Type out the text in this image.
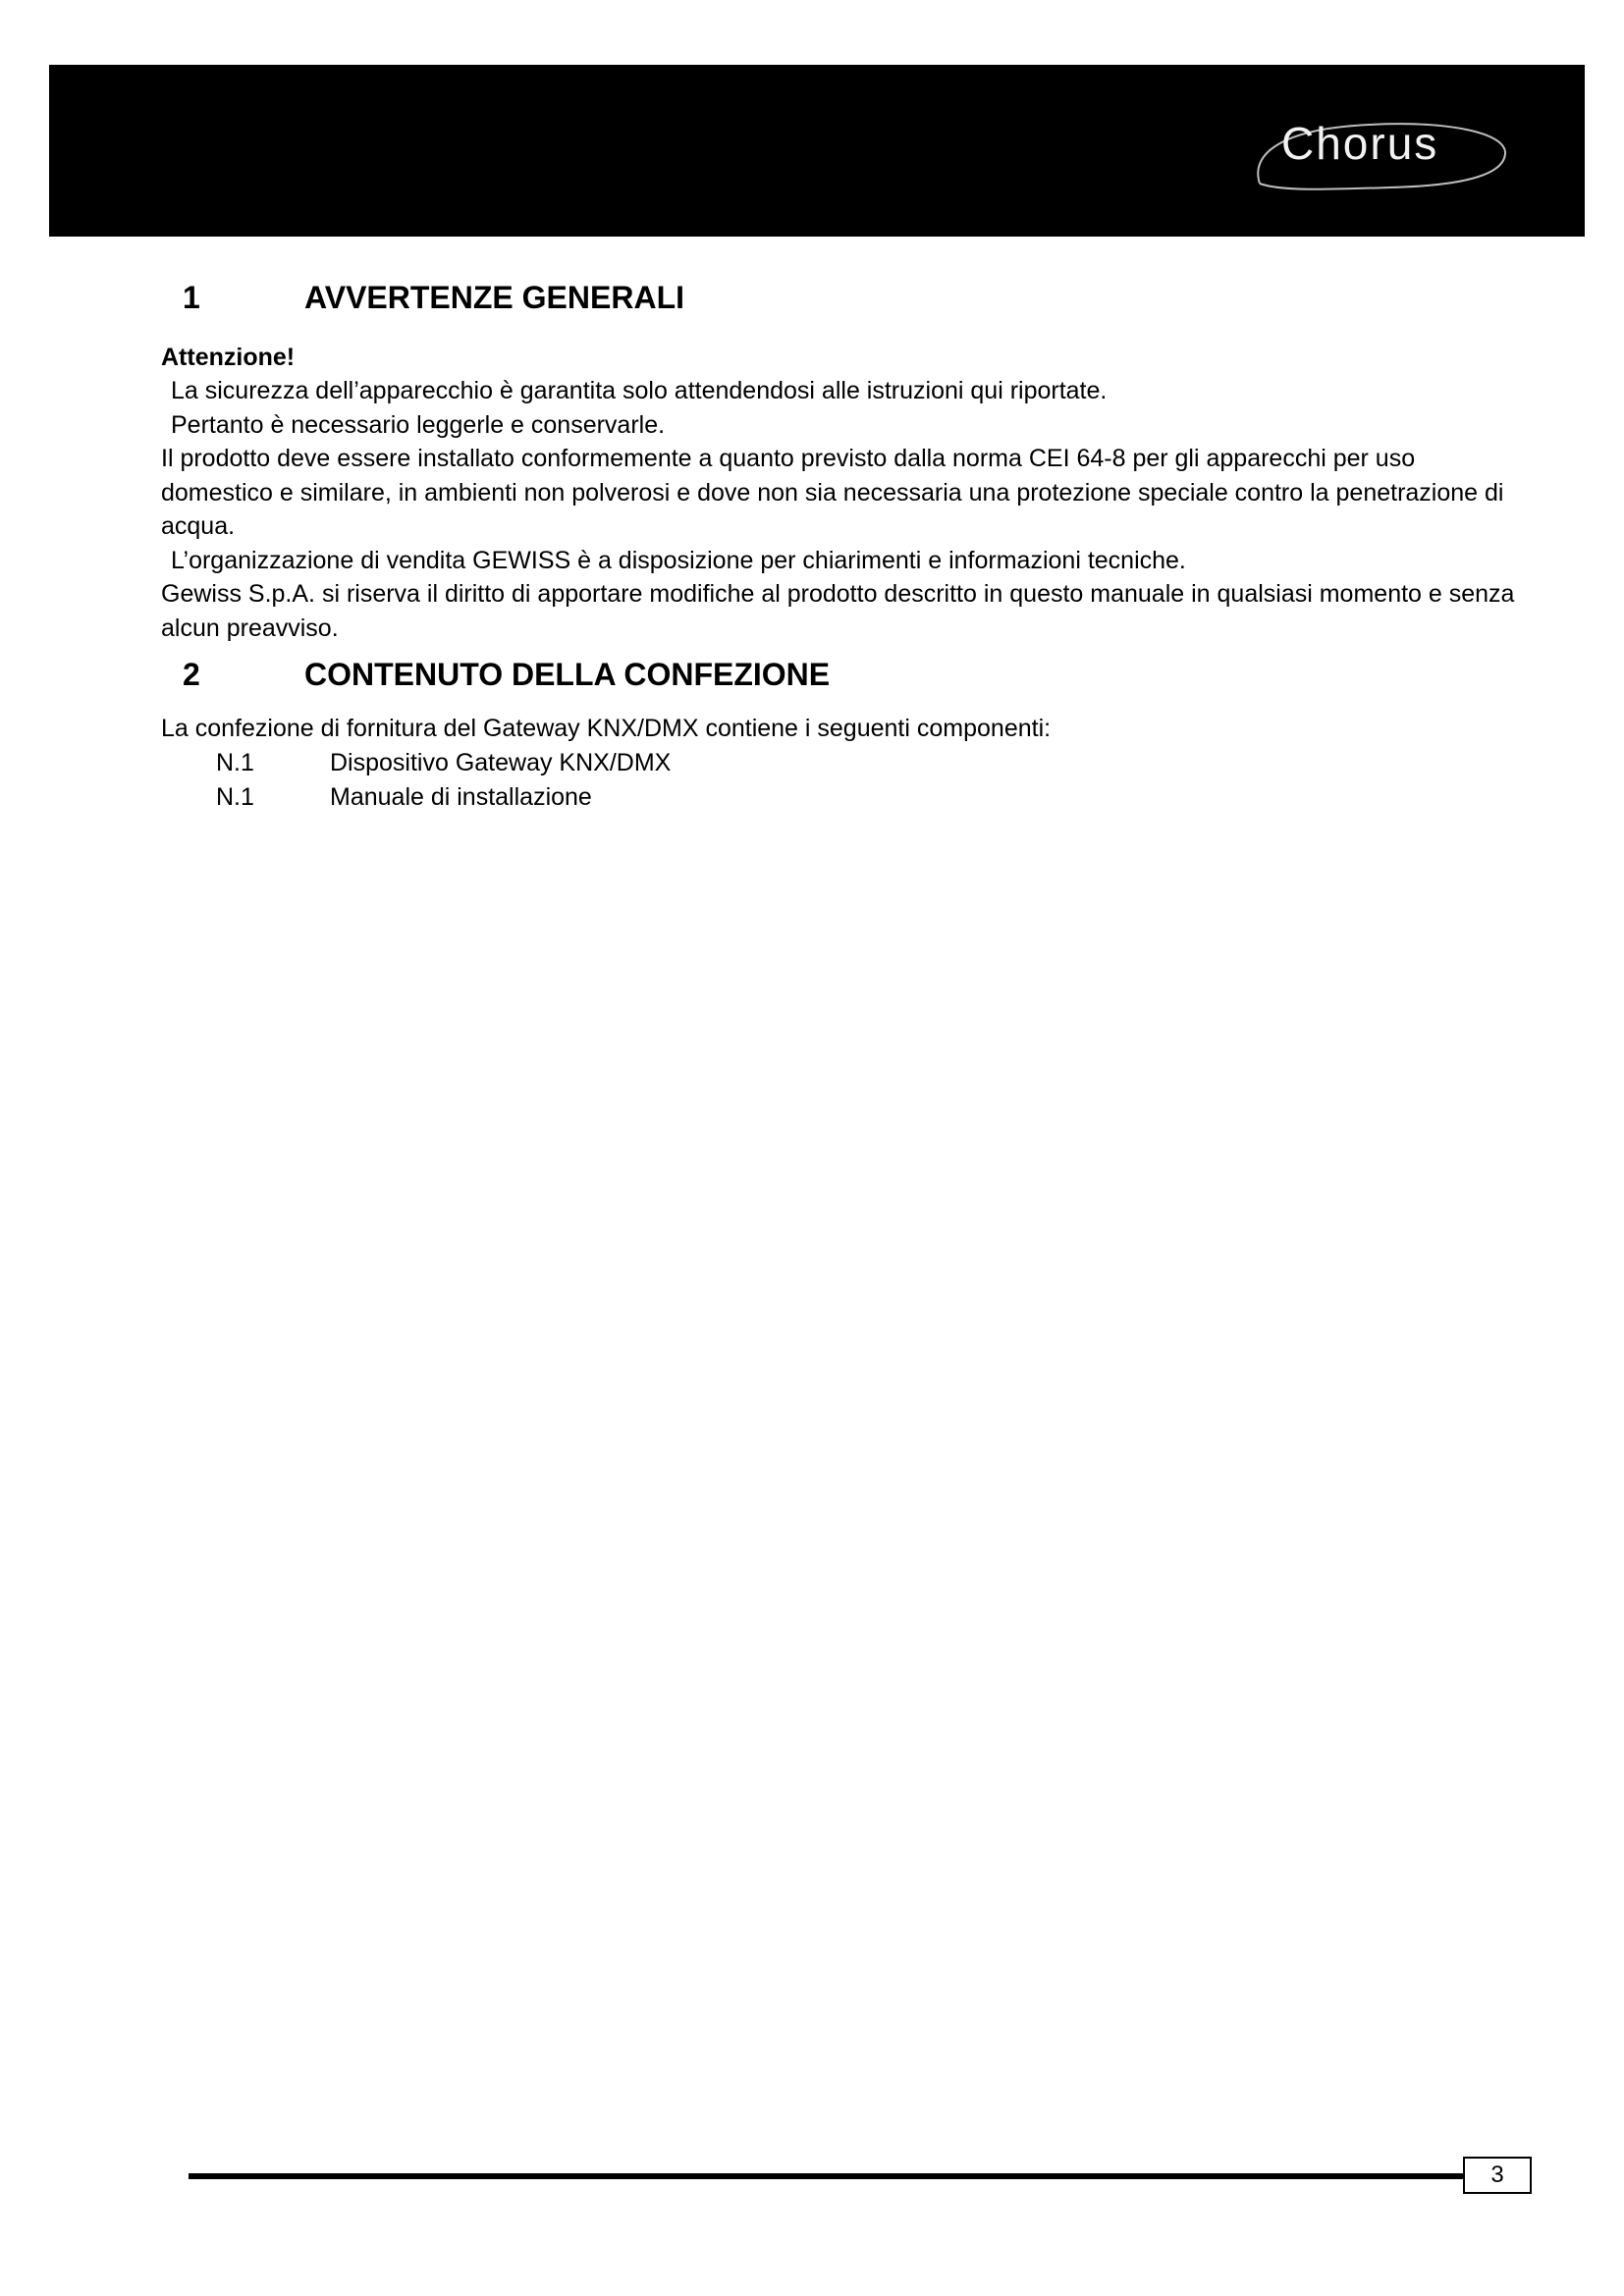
Chorus
1	AVVERTENZE GENERALI
Attenzione!

La sicurezza dell’apparecchio è garantita solo attendendosi alle istruzioni qui riportate.

Pertanto è necessario leggerle e conservarle.

Il prodotto deve essere installato conformemente a quanto previsto dalla norma CEI 64-8 per gli apparecchi per uso domestico e similare, in ambienti non polverosi e dove non sia necessaria una protezione speciale contro la penetrazione di acqua.

L’organizzazione di vendita GEWISS è a disposizione per chiarimenti e informazioni tecniche.

Gewiss S.p.A. si riserva il diritto di apportare modifiche al prodotto descritto in questo manuale in qualsiasi momento e senza alcun preavviso.

2	CONTENUTO DELLA CONFEZIONE

La confezione di fornitura del Gateway KNX/DMX contiene i seguenti componenti:

N.1	Dispositivo Gateway KNX/DMX
N.1	Manuale di installazione
3
